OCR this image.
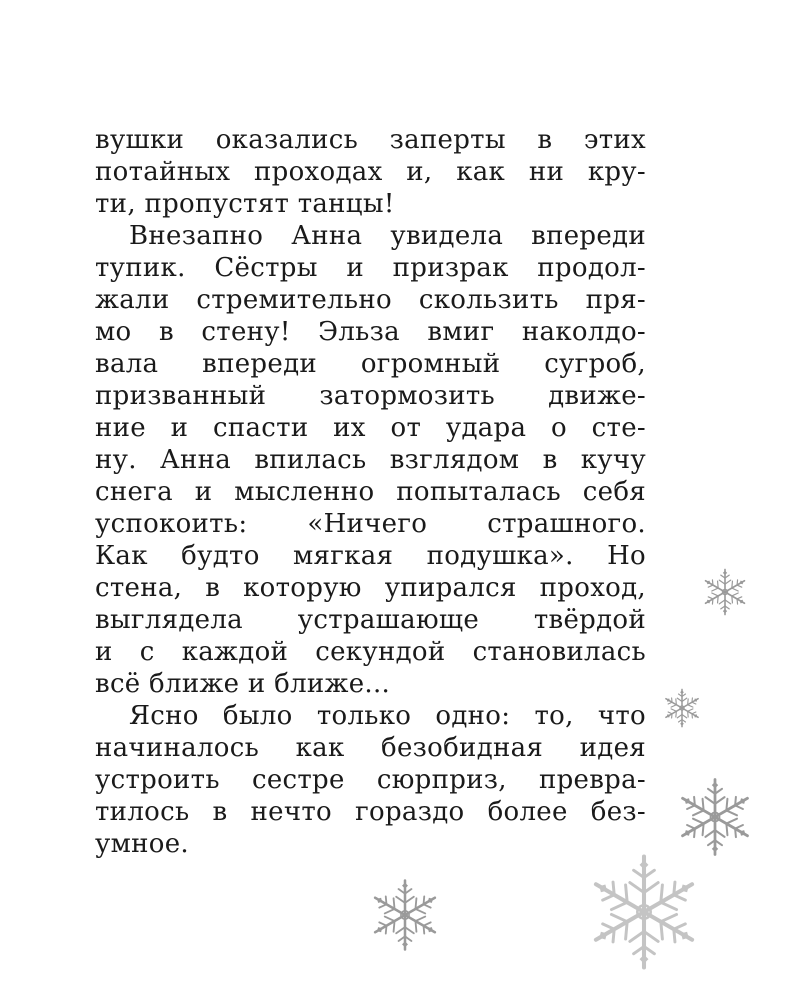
вушки оказались заперты в этих
потайных проходах и, как ни кру-
ти, пропустят танцы!
Внезапно Анна увидела впереди
тупик. Сёстры и призрак продол-
жали стремительно скользить пря-
мо в стену! Эльза вмиг наколдо-
вала впереди огромный сугроб,
призванный затормозить движе-
ние и спасти их от удара о сте-
ну. Анна впилась взглядом в кучу
снега и мысленно попыталась себя
успокоить: «Ничего страшного.
Как будто мягкая подушка». Но
стена, в которую упирался проход,
выглядела устрашающе твёрдой
и с каждой секундой становилась
всё ближе и ближе...
Ясно было только одно: то, что
начиналось как безобидная идея
устроить сестре сюрприз, превра-
тилось в нечто гораздо более без-
умное.
